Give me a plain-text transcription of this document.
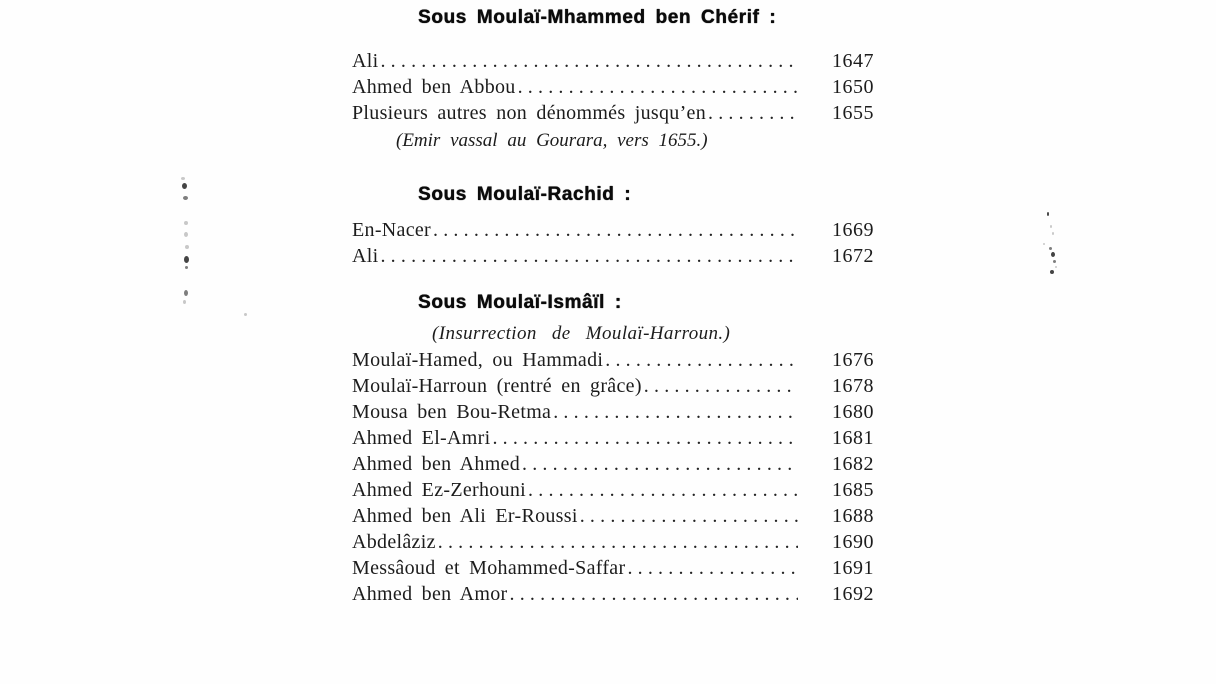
Sous Moulaï-Mhammed ben Chérif :
Ali .....	1647
Ahmed ben Abbou .....	1650
Plusieurs autres non dénommés jusqu’en .....	1655

(Emir vassal au Gourara, vers 1655.)

Sous Moulaï-Rachid :
En-Nacer .....	1669
Ali .....	1672
Sous Moulaï-Ismâïl :

(Insurrection de Moulaï-Harroun.)

Moulaï-Hamed, ou Hammadi .....	1676
Moulaï-Harroun (rentré en grâce) .....	1678
Mousa ben Bou-Retma .....	1680
Ahmed El-Amri .....	1681
Ahmed ben Ahmed .....	1682
Ahmed Ez-Zerhouni .....	1685
Ahmed ben Ali Er-Roussi .....	1688
Abdelâziz .....	1690
Messâoud et Mohammed-Saffar .....	1691
Ahmed ben Amor .....	1692
